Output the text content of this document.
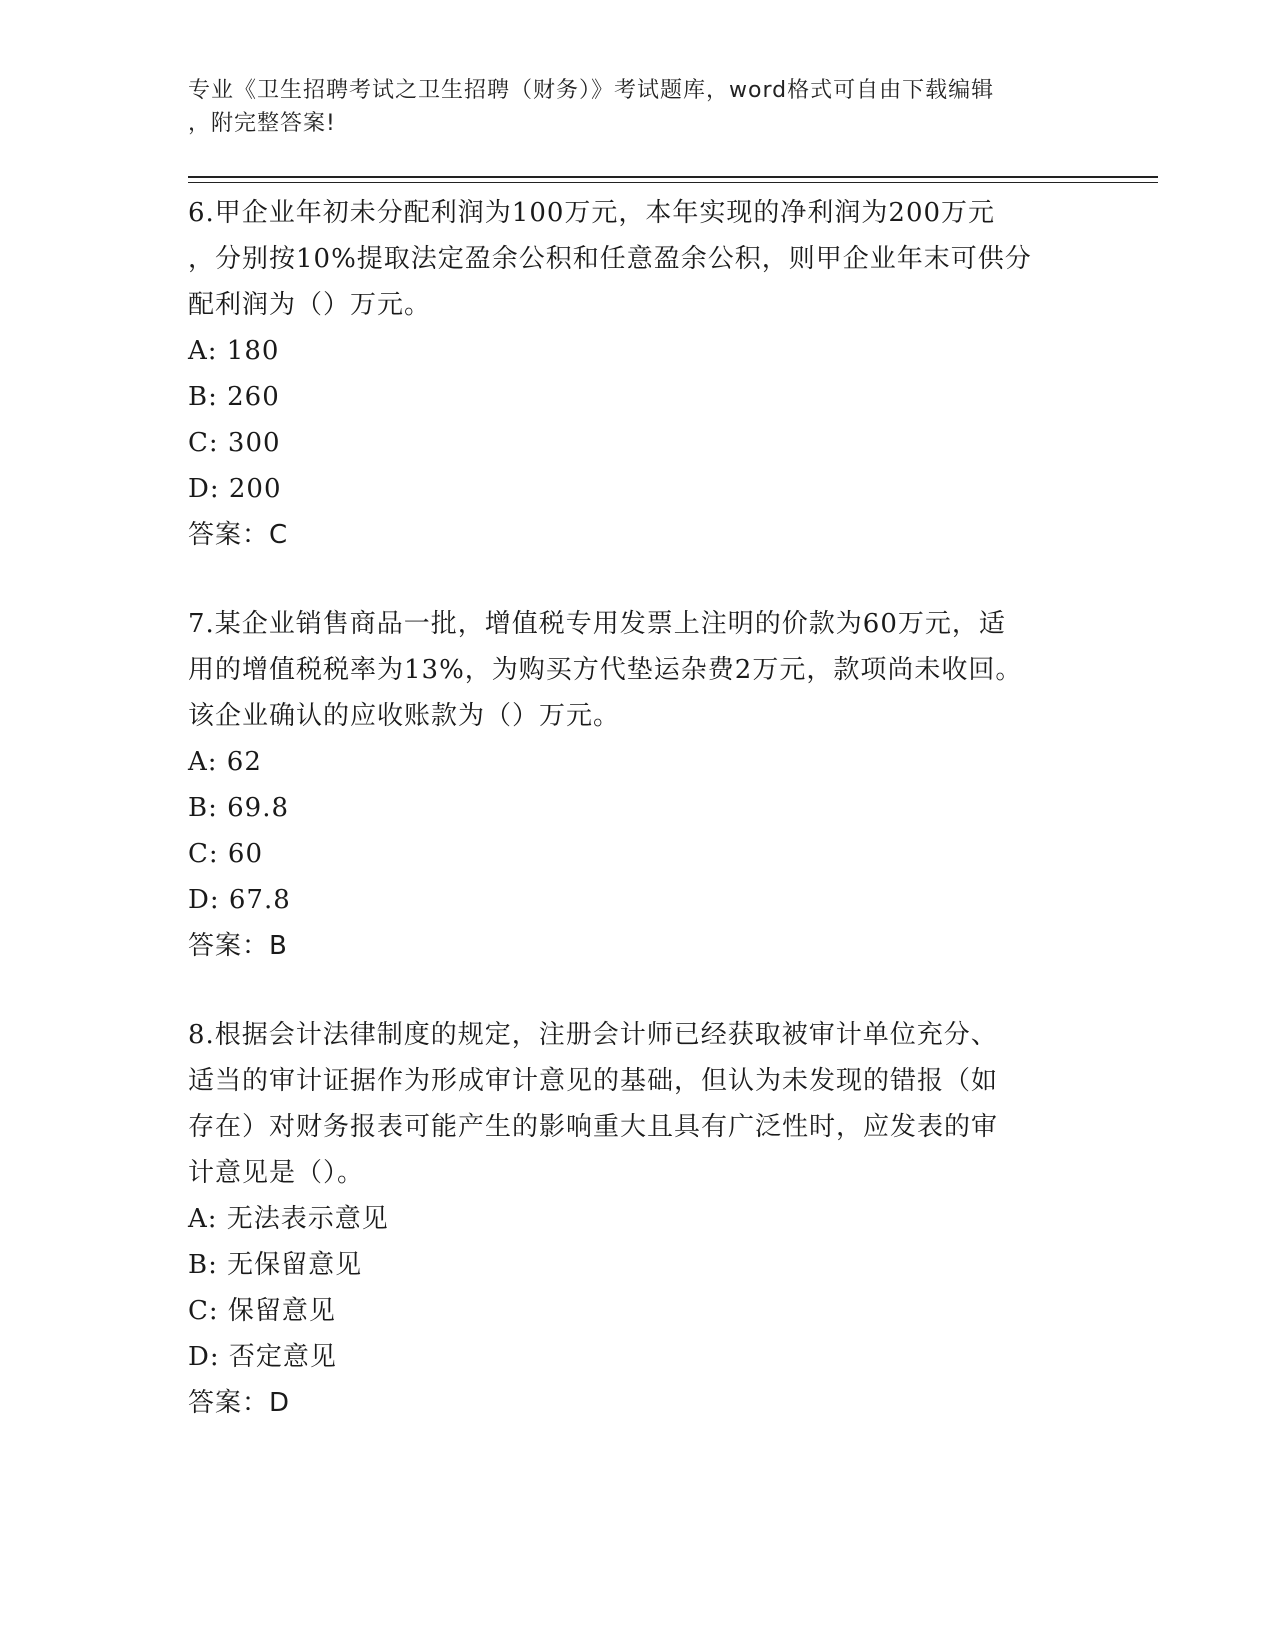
专业《卫生招聘考试之卫生招聘（财务）》考试题库，word格式可自由下载编辑
，附完整答案!
6.甲企业年初未分配利润为100万元，本年实现的净利润为200万元
，分别按10%提取法定盈余公积和任意盈余公积，则甲企业年末可供分
配利润为（）万元。
A: 180
B: 260
C: 300
D: 200
答案：C
7.某企业销售商品一批，增值税专用发票上注明的价款为60万元，适
用的增值税税率为13%，为购买方代垫运杂费2万元，款项尚未收回。
该企业确认的应收账款为（）万元。
A: 62
B: 69.8
C: 60
D: 67.8
答案：B
8.根据会计法律制度的规定，注册会计师已经获取被审计单位充分、
适当的审计证据作为形成审计意见的基础，但认为未发现的错报（如
存在）对财务报表可能产生的影响重大且具有广泛性时，应发表的审
计意见是（）。
A: 无法表示意见
B: 无保留意见
C: 保留意见
D: 否定意见
答案：D
